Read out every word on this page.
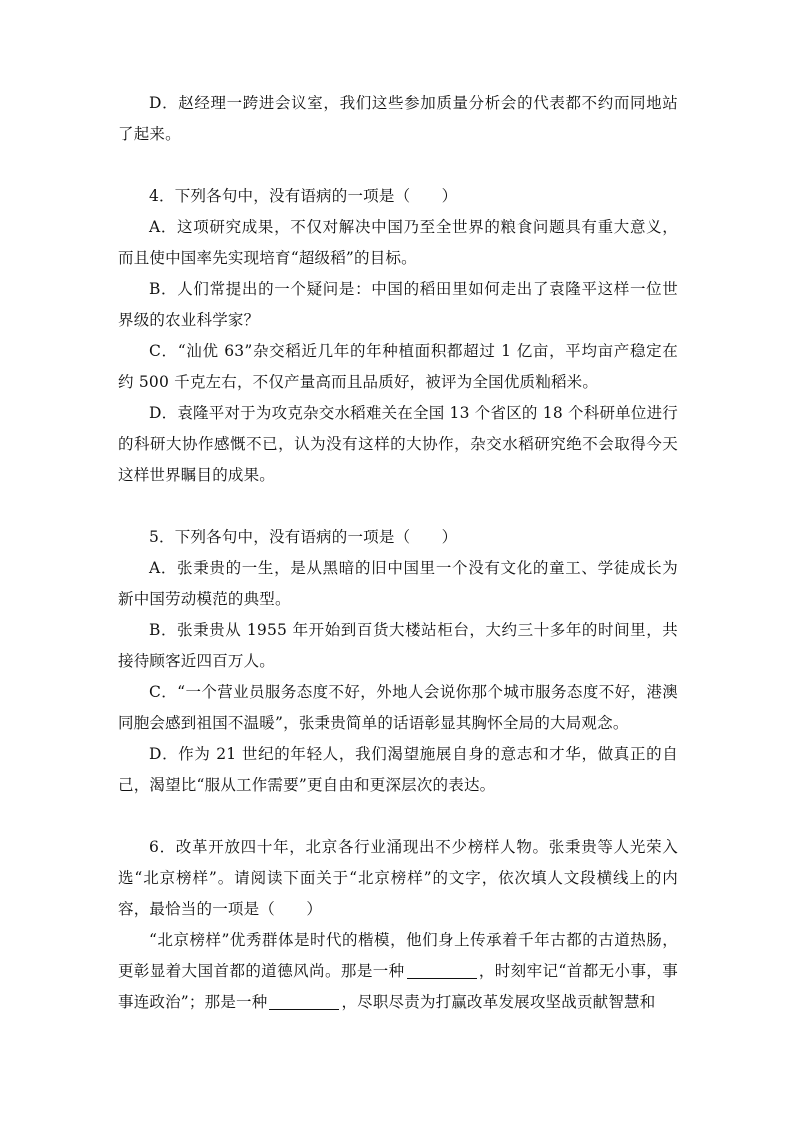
D．赵经理一跨进会议室，我们这些参加质量分析会的代表都不约而同地站了起来。

4．下列各句中，没有语病的一项是（　　）

A．这项研究成果，不仅对解决中国乃至全世界的粮食问题具有重大意义，而且使中国率先实现培育“超级稻”的目标。

B．人们常提出的一个疑问是：中国的稻田里如何走出了袁隆平这样一位世界级的农业科学家？

C．“汕优 63”杂交稻近几年的年种植面积都超过 1 亿亩，平均亩产稳定在约 500 千克左右，不仅产量高而且品质好，被评为全国优质籼稻米。

D．袁隆平对于为攻克杂交水稻难关在全国 13 个省区的 18 个科研单位进行的科研大协作感慨不已，认为没有这样的大协作，杂交水稻研究绝不会取得今天这样世界瞩目的成果。

5．下列各句中，没有语病的一项是（　　）

A．张秉贵的一生，是从黑暗的旧中国里一个没有文化的童工、学徒成长为新中国劳动模范的典型。

B．张秉贵从 1955 年开始到百货大楼站柜台，大约三十多年的时间里，共接待顾客近四百万人。

C．“一个营业员服务态度不好，外地人会说你那个城市服务态度不好，港澳同胞会感到祖国不温暖”，张秉贵简单的话语彰显其胸怀全局的大局观念。

D．作为 21 世纪的年轻人，我们渴望施展自身的意志和才华，做真正的自己，渴望比“服从工作需要”更自由和更深层次的表达。

6．改革开放四十年，北京各行业涌现出不少榜样人物。张秉贵等人光荣入选“北京榜样”。请阅读下面关于“北京榜样”的文字，依次填人文段横线上的内容，最恰当的一项是（　　）

“北京榜样”优秀群体是时代的楷模，他们身上传承着千年古都的古道热肠，更彰显着大国首都的道德风尚。那是一种	，时刻牢记“首都无小事，事事连政治”；那是一种	，尽职尽责为打赢改革发展攻坚战贡献智慧和
